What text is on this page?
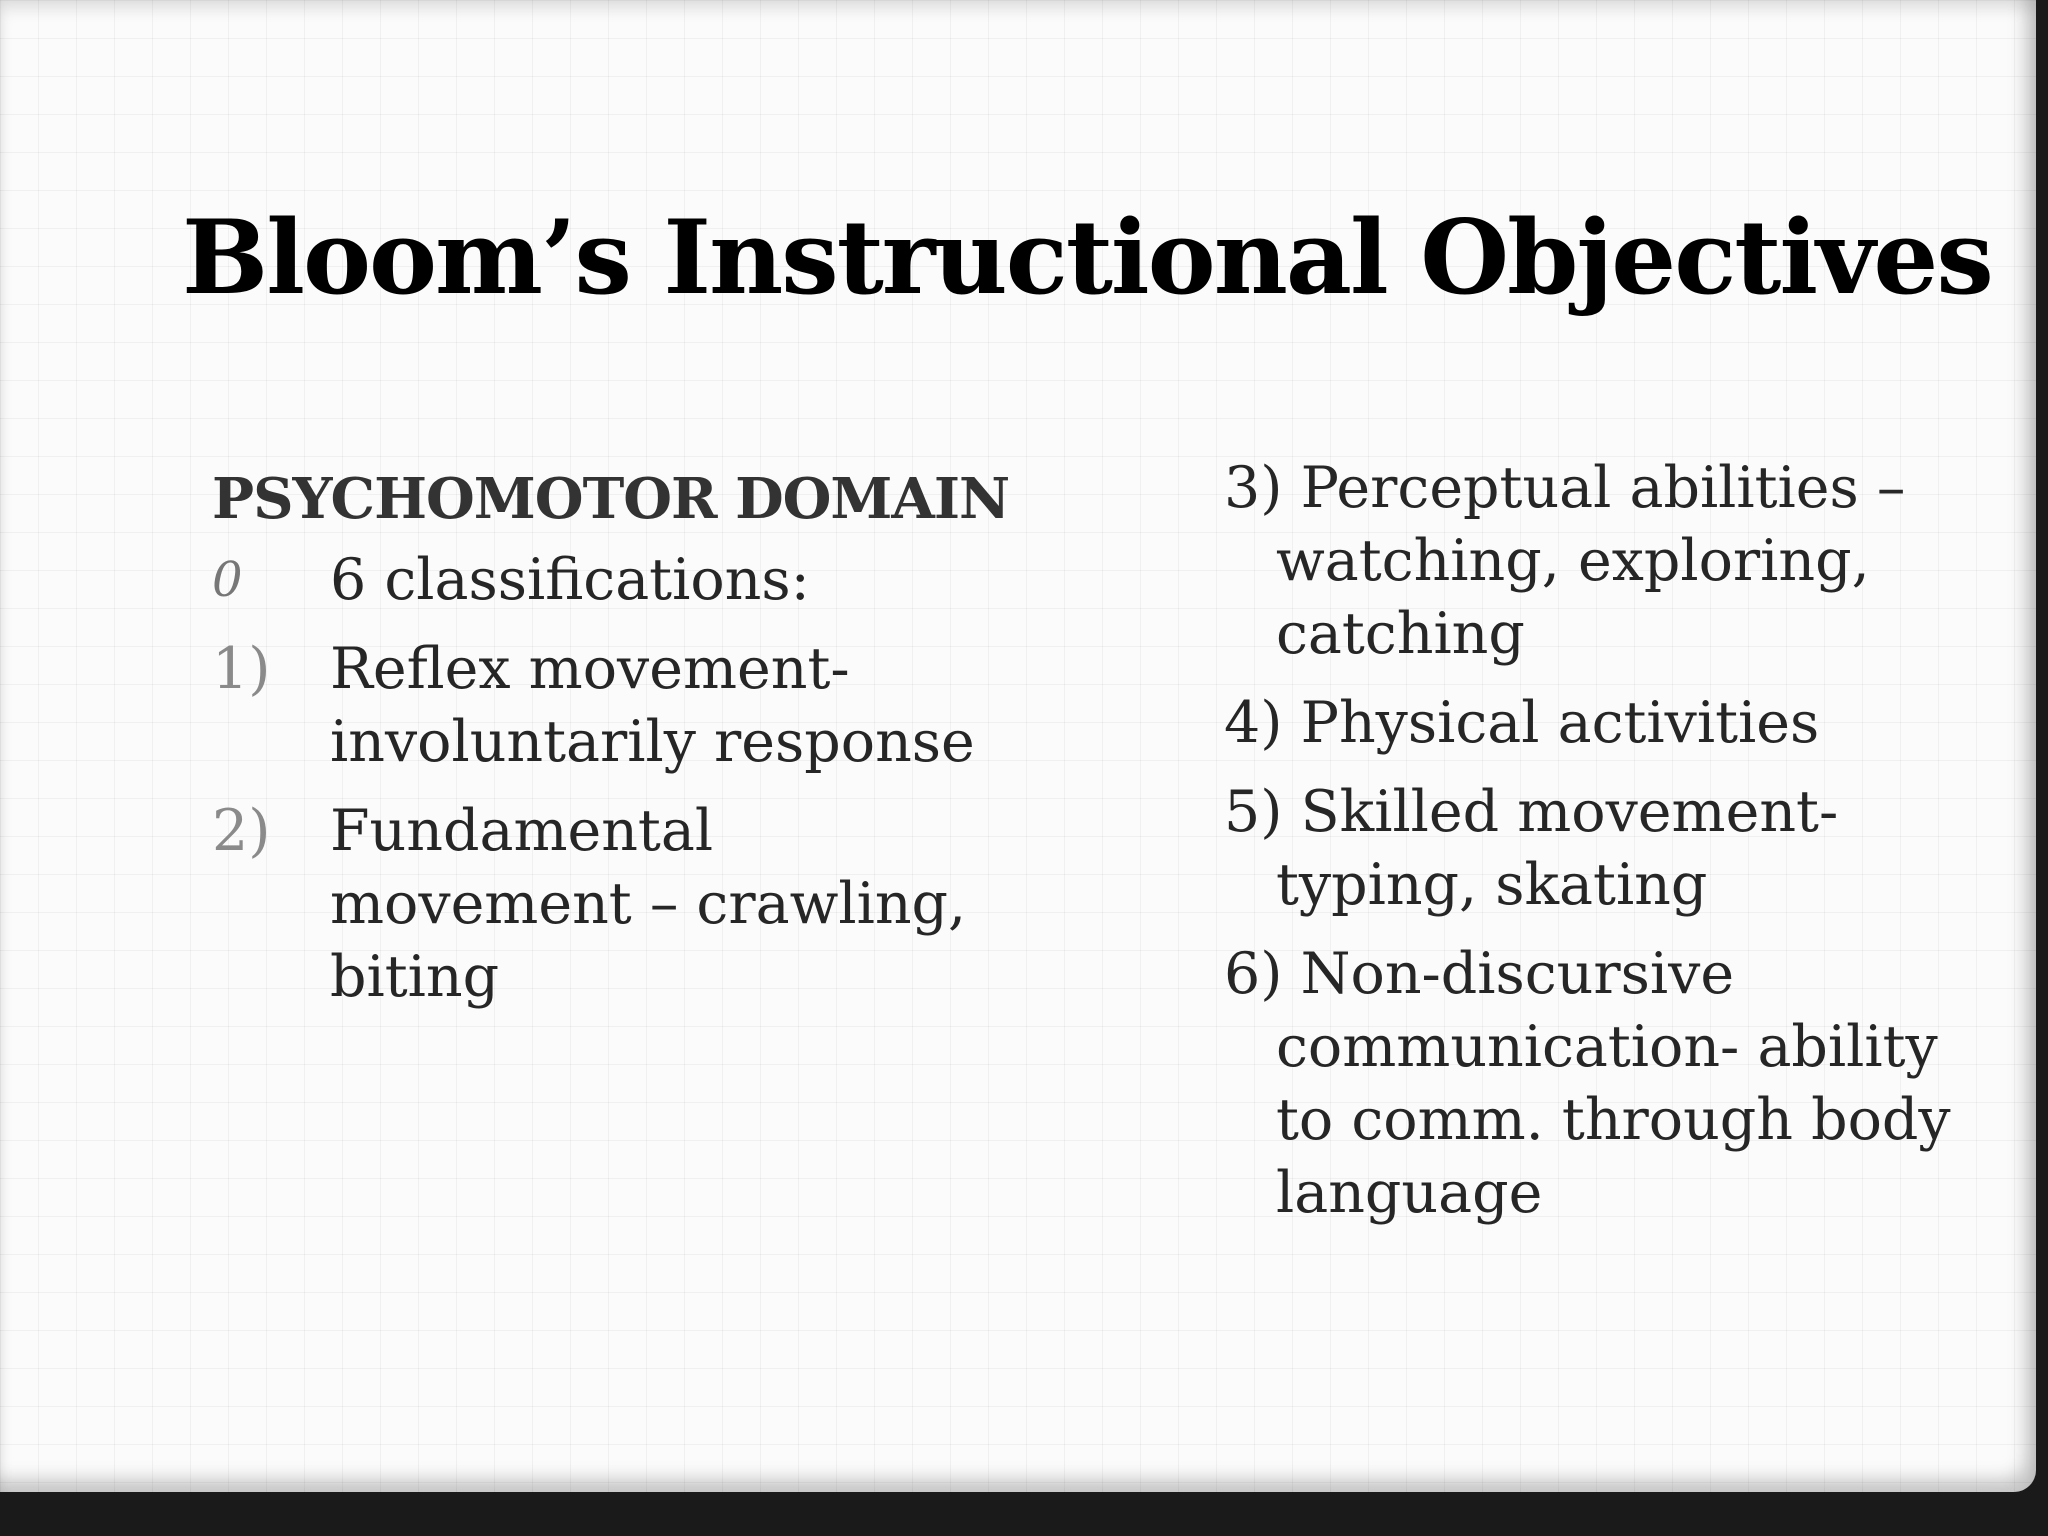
Bloom’s Instructional Objectives
PSYCHOMOTOR DOMAIN
0	6 classifications:
1)	Reflex movement- involuntarily response
2)	Fundamental movement – crawling, biting
3) Perceptual abilities – watching, exploring, catching
4) Physical activities
5) Skilled movement- typing, skating
6) Non-discursive communication- ability to comm. through body language
